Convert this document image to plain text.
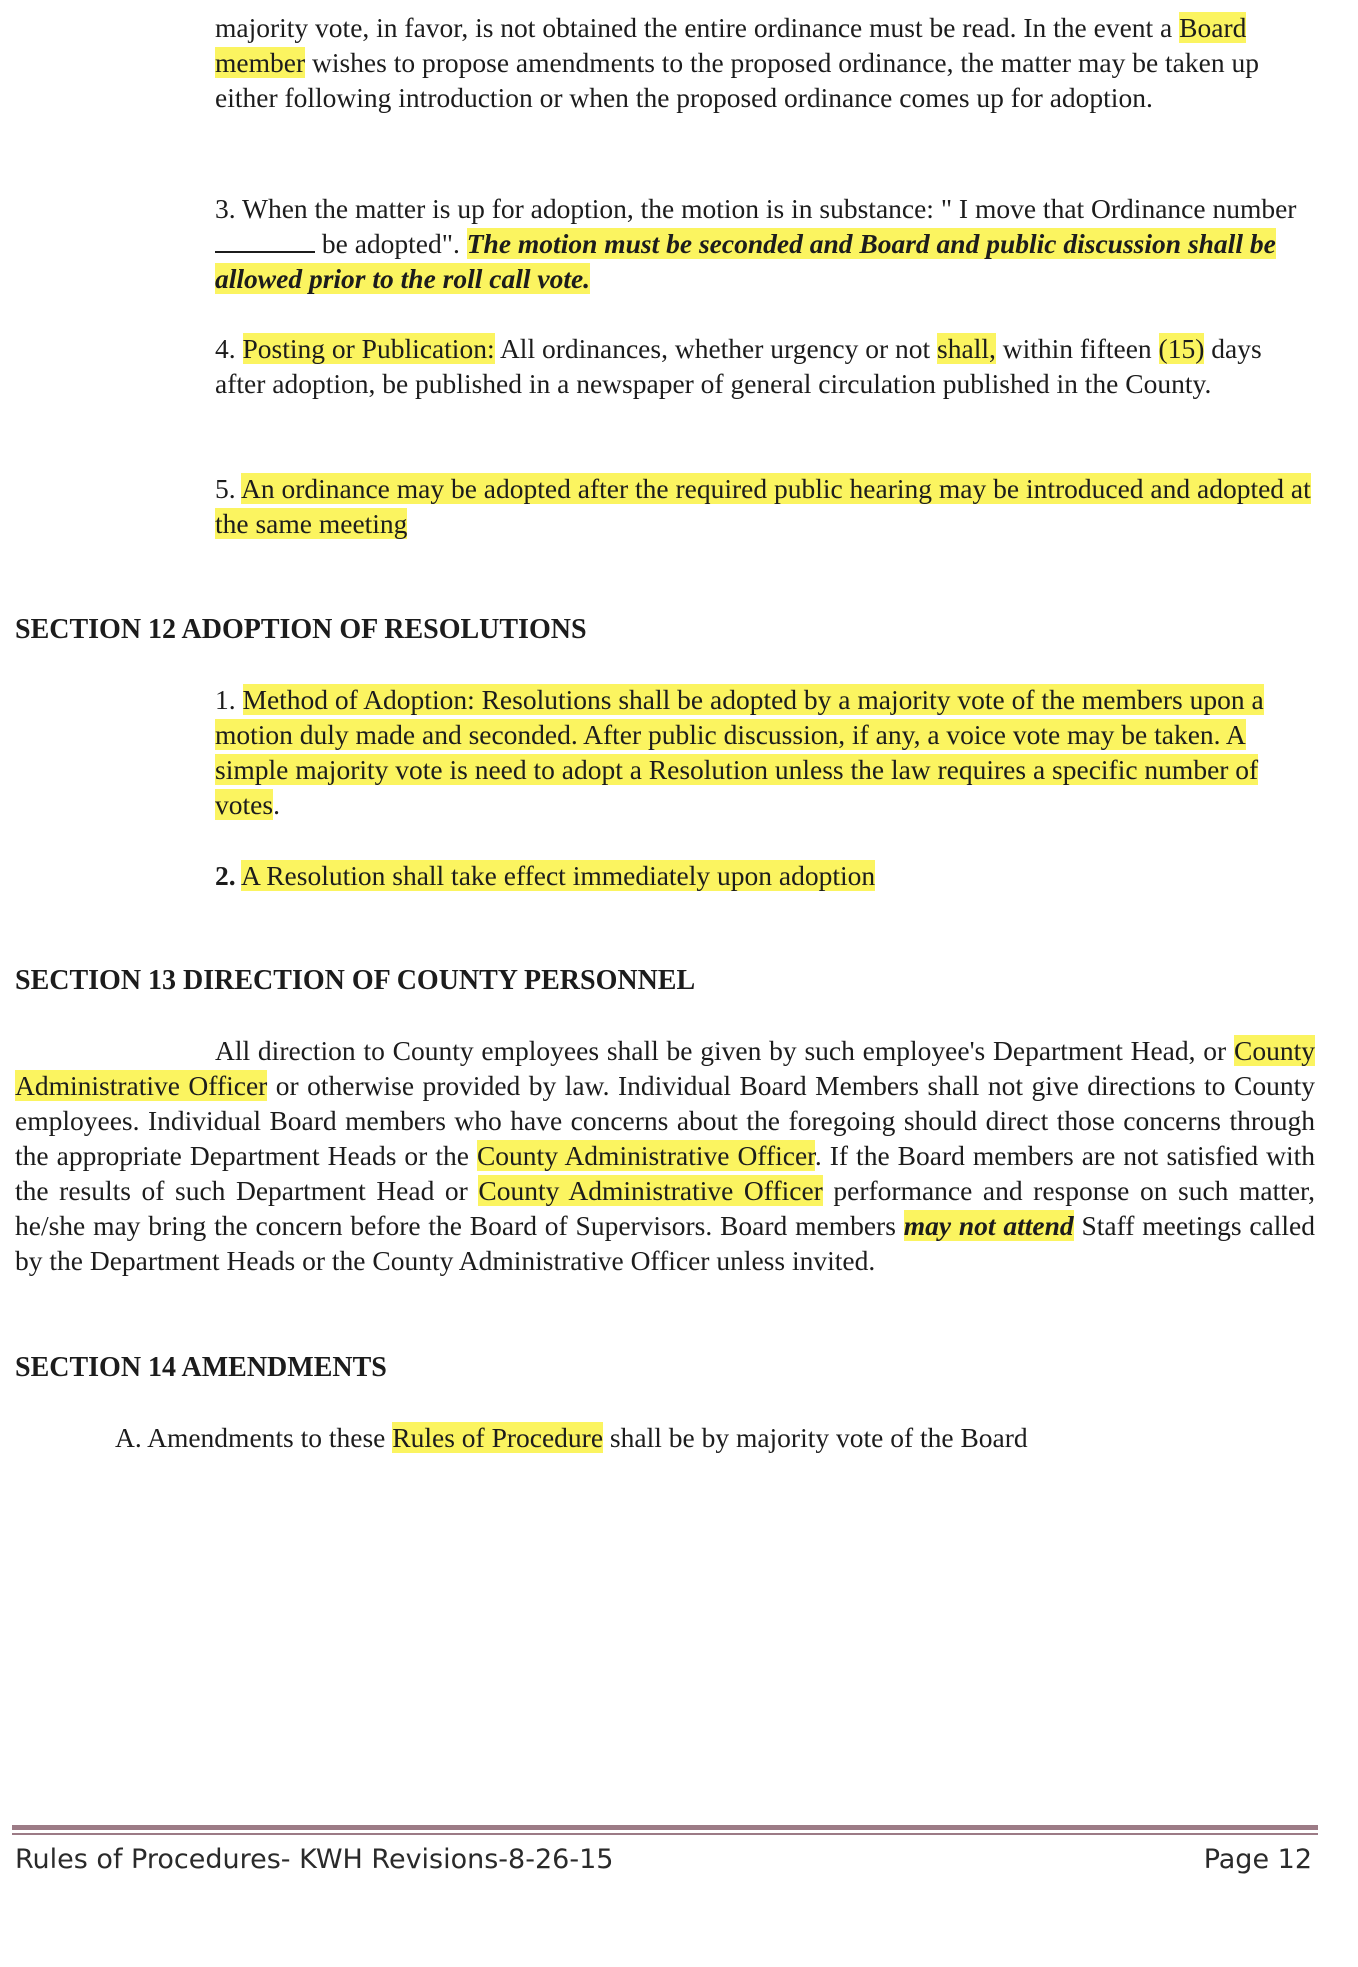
majority vote, in favor, is not obtained the entire ordinance must be read. In the event a Board member wishes to propose amendments to the proposed ordinance, the matter may be taken up either following introduction or when the proposed ordinance comes up for adoption.

3. When the matter is up for adoption, the motion is in substance: " I move that Ordinance number  be adopted". The motion must be seconded and Board and public discussion shall be allowed prior to the roll call vote.

4. Posting or Publication: All ordinances, whether urgency or not shall, within fifteen (15) days after adoption, be published in a newspaper of general circulation published in the County.

5. An ordinance may be adopted after the required public hearing may be introduced and adopted at the same meeting

SECTION 12 ADOPTION OF RESOLUTIONS

1. Method of Adoption: Resolutions shall be adopted by a majority vote of the members upon a motion duly made and seconded. After public discussion, if any, a voice vote may be taken. A simple majority vote is need to adopt a Resolution unless the law requires a specific number of votes.

2. A Resolution shall take effect immediately upon adoption

SECTION 13 DIRECTION OF COUNTY PERSONNEL

All direction to County employees shall be given by such employee's Department Head, or County Administrative Officer or otherwise provided by law. Individual Board Members shall not give directions to County employees. Individual Board members who have concerns about the foregoing should direct those concerns through the appropriate Department Heads or the County Administrative Officer. If the Board members are not satisfied with the results of such Department Head or County Administrative Officer performance and response on such matter, he/she may bring the concern before the Board of Supervisors. Board members may not attend Staff meetings called by the Department Heads or the County Administrative Officer unless invited.

SECTION 14 AMENDMENTS

A. Amendments to these Rules of Procedure shall be by majority vote of the Board

Rules of Procedures- KWH Revisions-8-26-15	Page 12
